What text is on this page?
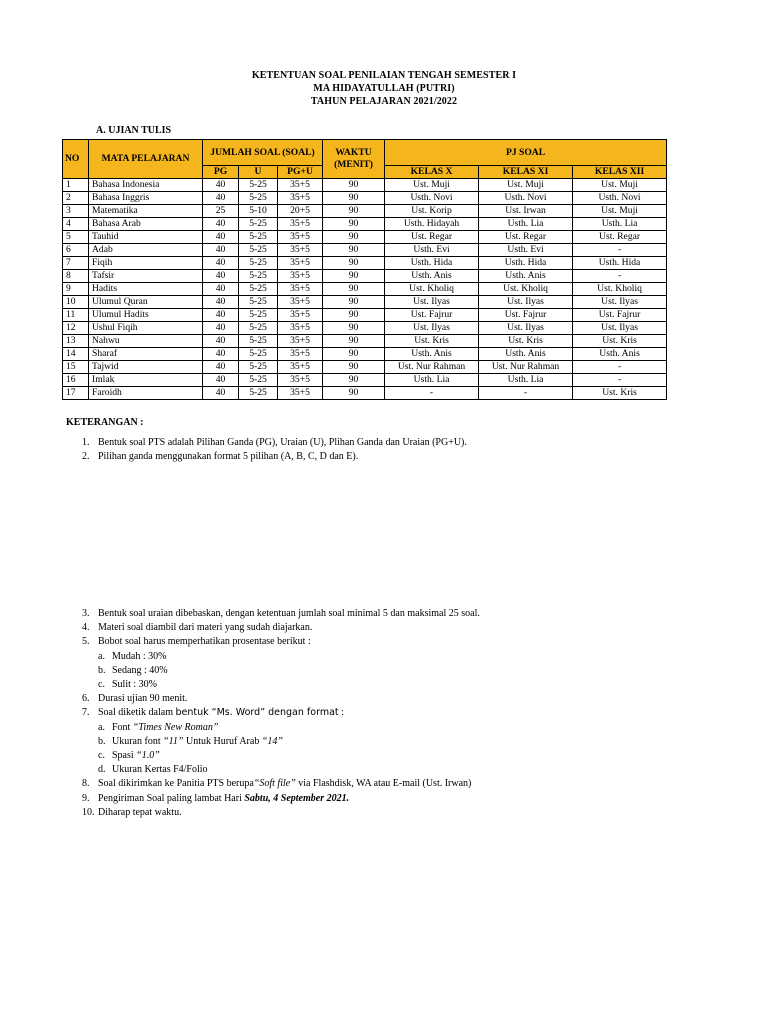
KETENTUAN SOAL PENILAIAN TENGAH SEMESTER I
MA HIDAYATULLAH (PUTRI)
TAHUN PELAJARAN 2021/2022
A. UJIAN TULIS
NO	MATA PELAJARAN	JUMLAH SOAL (SOAL)			WAKTU (MENIT)	PJ SOAL		
		PG	U	PG+U		KELAS X	KELAS XI	KELAS XII
1	Bahasa Indonesia	40	5-25	35+5	90	Ust. Muji	Ust. Muji	Ust. Muji
2	Bahasa Inggris	40	5-25	35+5	90	Usth. Novi	Usth. Novi	Usth. Novi
3	Matematika	25	5-10	20+5	90	Ust. Korip	Ust. Irwan	Ust. Muji
4	Bahasa Arab	40	5-25	35+5	90	Usth. Hidayah	Usth. Lia	Usth. Lia
5	Tauhid	40	5-25	35+5	90	Ust. Regar	Ust. Regar	Ust. Regar
6	Adab	40	5-25	35+5	90	Usth. Evi	Usth. Evi	-
7	Fiqih	40	5-25	35+5	90	Usth. Hida	Usth. Hida	Usth. Hida
8	Tafsir	40	5-25	35+5	90	Usth. Anis	Usth. Anis	-
9	Hadits	40	5-25	35+5	90	Ust. Kholiq	Ust. Kholiq	Ust. Kholiq
10	Ulumul Quran	40	5-25	35+5	90	Ust. Ilyas	Ust. Ilyas	Ust. Ilyas
11	Ulumul Hadits	40	5-25	35+5	90	Ust. Fajrur	Ust. Fajrur	Ust. Fajrur
12	Ushul Fiqih	40	5-25	35+5	90	Ust. Ilyas	Ust. Ilyas	Ust. Ilyas
13	Nahwu	40	5-25	35+5	90	Ust. Kris	Ust. Kris	Ust. Kris
14	Sharaf	40	5-25	35+5	90	Usth. Anis	Usth. Anis	Usth. Anis
15	Tajwid	40	5-25	35+5	90	Ust. Nur Rahman	Ust. Nur Rahman	-
16	Imlak	40	5-25	35+5	90	Usth. Lia	Usth. Lia	-
17	Faroidh	40	5-25	35+5	90	-	-	Ust. Kris
KETERANGAN :
1. Bentuk soal PTS adalah Pilihan Ganda (PG), Uraian (U), Plihan Ganda dan Uraian (PG+U).
2. Pilihan ganda menggunakan format 5 pilihan (A, B, C, D dan E).
3. Bentuk soal uraian dibebaskan, dengan ketentuan jumlah soal minimal 5 dan maksimal 25 soal.
4. Materi soal diambil dari materi yang sudah diajarkan.
5. Bobot soal harus memperhatikan prosentase berikut :
a. Mudah : 30%
b. Sedang : 40%
c. Sulit : 30%
6. Durasi ujian 90 menit.
7. Soal diketik dalam bentuk “Ms. Word” dengan format :
a. Font “Times New Roman”
b. Ukuran font “11” Untuk Huruf Arab “14”
c. Spasi “1.0”
d. Ukuran Kertas F4/Folio
8. Soal dikirimkan ke Panitia PTS berupa“Soft file” via Flashdisk, WA atau E-mail (Ust. Irwan)
9. Pengiriman Soal paling lambat Hari Sabtu, 4 September 2021.
10. Diharap tepat waktu.
